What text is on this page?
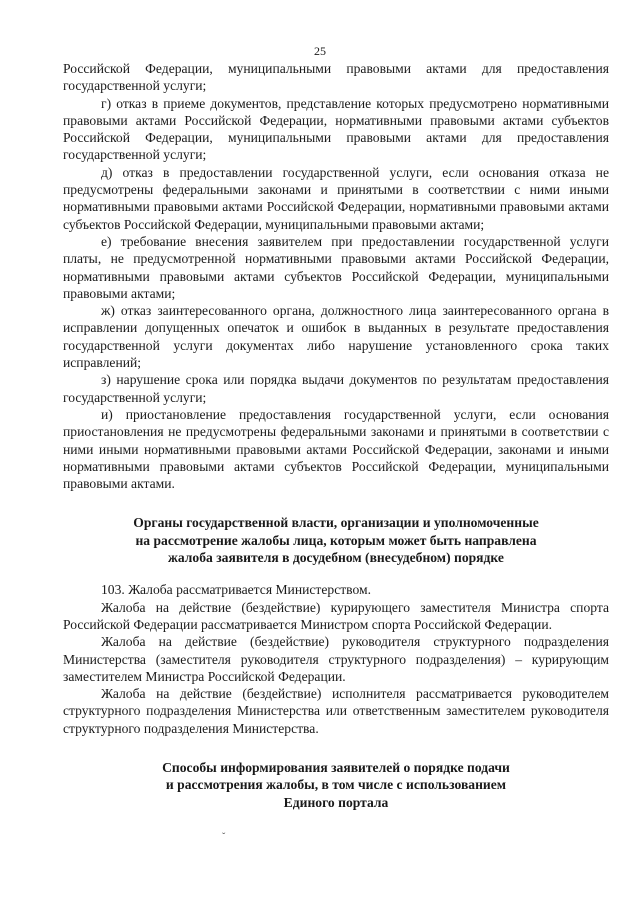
25

Российской Федерации, муниципальными правовыми актами для предоставления государственной услуги;

г) отказ в приеме документов, представление которых предусмотрено нормативными правовыми актами Российской Федерации, нормативными правовыми актами субъектов Российской Федерации, муниципальными правовыми актами для предоставления государственной услуги;

д) отказ в предоставлении государственной услуги, если основания отказа не предусмотрены федеральными законами и принятыми в соответствии с ними иными нормативными правовыми актами Российской Федерации, нормативными правовыми актами субъектов Российской Федерации, муниципальными правовыми актами;

е) требование внесения заявителем при предоставлении государственной услуги платы, не предусмотренной нормативными правовыми актами Российской Федерации, нормативными правовыми актами субъектов Российской Федерации, муниципальными правовыми актами;

ж) отказ заинтересованного органа, должностного лица заинтересованного органа в исправлении допущенных опечаток и ошибок в выданных в результате предоставления государственной услуги документах либо нарушение установленного срока таких исправлений;

з) нарушение срока или порядка выдачи документов по результатам предоставления государственной услуги;

и) приостановление предоставления государственной услуги, если основания приостановления не предусмотрены федеральными законами и принятыми в соответствии с ними иными нормативными правовыми актами Российской Федерации, законами и иными нормативными правовыми актами субъектов Российской Федерации, муниципальными правовыми актами.

Органы государственной власти, организации и уполномоченные
на рассмотрение жалобы лица, которым может быть направлена
жалоба заявителя в досудебном (внесудебном) порядке

103. Жалоба рассматривается Министерством.

Жалоба на действие (бездействие) курирующего заместителя Министра спорта Российской Федерации рассматривается Министром спорта Российской Федерации.

Жалоба на действие (бездействие) руководителя структурного подразделения Министерства (заместителя руководителя структурного подразделения) – курирующим заместителем Министра Российской Федерации.

Жалоба на действие (бездействие) исполнителя рассматривается руководителем структурного подразделения Министерства или ответственным заместителем руководителя структурного подразделения Министерства.

Способы информирования заявителей о порядке подачи
и рассмотрения жалобы, в том числе с использованием
Единого портала
ˇ
